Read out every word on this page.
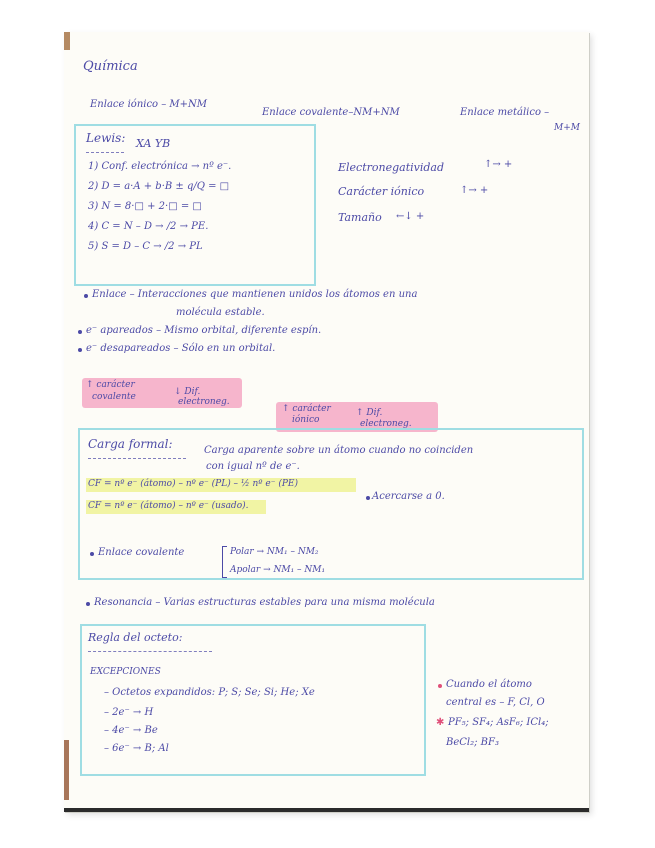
Química
Enlace iónico – M+NM
Enlace covalente–NM+NM	Enlace metálico –
M+M
Lewis: XA YB
1) Conf. electrónica → nº e⁻.
2) D = a·A + b·B ± q/Q = □
3) N = 8·□ + 2·□ = □
4) C = N – D → /2 → PE.
5) S = D – C → /2 → PL
Electronegatividad	↑→ +
Carácter iónico	↑→ +
Tamaño ←↓ +
Enlace – Interacciones que mantienen unidos los átomos en una
molécula estable.
e⁻ apareados – Mismo orbital, diferente espín.
e⁻ desapareados – Sólo en un orbital.
↑ carácter
covalente	↓ Dif.
electroneg.
↑ carácter
iónico
↑ Dif.
electroneg.
Carga formal:	Carga aparente sobre un átomo cuando no coinciden
con igual nº de e⁻.
CF = nº e⁻ (átomo) – nº e⁻ (PL) – ½ nº e⁻ (PE)
CF = nº e⁻ (átomo) – nº e⁻ (usado).
Acercarse a 0.
Enlace covalente	Polar → NM₁ – NM₂
Apolar → NM₁ – NM₁
Resonancia – Varias estructuras estables para una misma molécula
Regla del octeto:
EXCEPCIONES
– Octetos expandidos: P; S; Se; Si; He; Xe
– 2e⁻ → H
– 4e⁻ → Be
– 6e⁻ → B; Al
Cuando el átomo
central es – F, Cl, O
✱ PF₅; SF₄; AsF₆; ICl₄;
BeCl₂; BF₃
